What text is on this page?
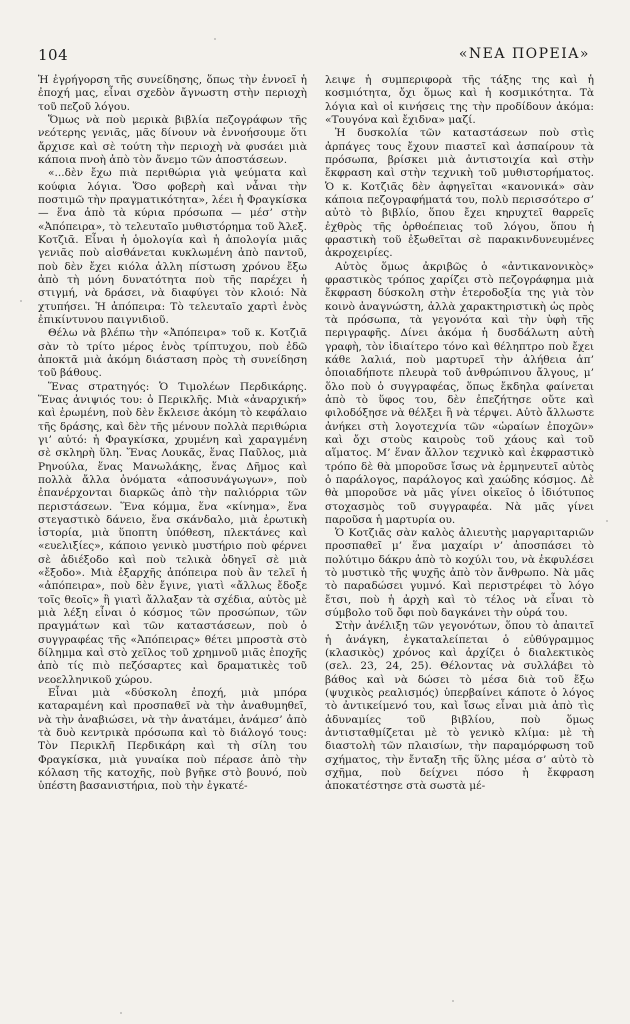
104	«ΝΕΑ ΠΟΡΕΙΑ»

Ἡ ἐγρήγορση τῆς συνείδησης, ὅπως τὴν ἐννοεῖ ἡ ἐποχή μας, εἶναι σχεδὸν ἄγνωστη στὴν περιοχὴ τοῦ πεζοῦ λόγου.

Ὅμως νὰ ποὺ μερικὰ βιβλία πεζογράφων τῆς νεότερης γενιᾶς, μᾶς δίνουν νὰ ἐννοήσουμε ὅτι ἄρχισε καὶ σὲ τούτη τὴν περιοχὴ νὰ φυσάει μιὰ κάποια πνοὴ ἀπὸ τὸν ἄνεμο τῶν ἀποστάσεων.

«...δὲν ἔχω πιὰ περιθώρια γιὰ ψεύματα καὶ κούφια λόγια. Ὅσο φοβερὴ καὶ νἆναι τὴν ποστιμῶ τὴν πραγματικότητα», λέει ἡ Φραγκίσκα — ἕνα ἀπὸ τὰ κύρια πρόσωπα — μέσ’ στὴν «Ἀπόπειρα», τὸ τελευταῖο μυθιστόρημα τοῦ Ἀλεξ. Κοτζιᾶ. Εἶναι ἡ ὁμολογία καὶ ἡ ἀπολογία μιᾶς γενιᾶς ποὺ αἰσθάνεται κυκλωμένη ἀπὸ παντοῦ, ποὺ δὲν ἔχει κιόλα ἀλλη πίστωση χρόνου ἔξω ἀπὸ τὴ μόνη δυνατότητα ποὺ τῆς παρέχει ἡ στιγμή, νὰ δράσει, νὰ διαφύγει τὸν κλοιό: Νὰ χτυπήσει. Ἡ ἀπόπειρα: Τὸ τελευταῖο χαρτὶ ἑνὸς ἐπικίντυνου παιγνιδιοῦ.

Θέλω νὰ βλέπω τὴν «Ἀπόπειρα» τοῦ κ. Κοτζιᾶ σὰν τὸ τρίτο μέρος ἑνὸς τρίπτυχου, ποὺ ἐδῶ ἀποκτᾶ μιὰ ἀκόμη διάσταση πρὸς τὴ συνείδηση τοῦ βάθους.

Ἕνας στρατηγός: Ὁ Τιμολέων Περδικάρης. Ἕνας ἀνιψιός του: ὁ Περικλῆς. Μιὰ «ἀναρχική» καὶ ἐρωμένη, ποὺ δὲν ἔκλεισε ἀκόμη τὸ κεφάλαιο τῆς δράσης, καὶ δὲν τῆς μένουν πολλὰ περιθώρια γι’ αὐτό: ἡ Φραγκίσκα, χρυμένη καὶ χαραγμένη σὲ σκληρὴ ὕλη. Ἕνας Λουκᾶς, ἕνας Παῦλος, μιὰ Ρηνούλα, ἕνας Μανωλάκης, ἕνας Δῆμος καὶ πολλὰ ἄλλα ὀνόματα «ἀποσυνάγωγων», ποὺ ἐπανέρχονται διαρκῶς ἀπὸ τὴν παλιόρρια τῶν περιστάσεων. Ἕνα κόμμα, ἕνα «κίνημα», ἕνα στεγαστικὸ δάνειο, ἕνα σκάνδαλο, μιὰ ἐρωτικὴ ἱστορία, μιὰ ὕποπτη ὑπόθεση, πλεκτάνες καὶ «ευελιξίες», κάποιο γενικὸ μυστήριο ποὺ φέρνει σὲ ἀδιέξοδο καὶ ποὺ τελικὰ ὁδηγεῖ σὲ μιὰ «ἔξοδο». Μιὰ ἐξαρχῆς ἀπόπειρα ποὺ ἂν τελεῖ ἡ «ἀπόπειρα», ποὺ δὲν ἔγινε, γιατὶ «ἄλλως ἔδοξε τοῖς θεοῖς» ἢ γιατὶ ἄλλαξαν τὰ σχέδια, αὐτὸς μὲ μιὰ λέξη εἶναι ὁ κόσμος τῶν προσώπων, τῶν πραγμάτων καὶ τῶν καταστάσεων, ποὺ ὁ συγγραφέας τῆς «Ἀπόπειρας» θέτει μπροστὰ στὸ δίλημμα καὶ στὸ χεῖλος τοῦ χρημνοῦ μιᾶς ἐποχῆς ἀπὸ τίς πιὸ πεζόσαρτες καὶ δραματικὲς τοῦ νεοελληνικοῦ χώρου.

Εἶναι μιὰ «δύσκολη ἐποχή, μιὰ μπόρα καταραμένη καὶ προσπαθεῖ νὰ τὴν ἀναθυμηθεῖ, νὰ τὴν ἀναβιώσει, νὰ τὴν ἀνατάμει, ἀνάμεσ’ ἀπὸ τὰ δυὸ κεντρικὰ πρόσωπα καὶ τὸ διάλογό τους: Τὸν Περικλῆ Περδικάρη καὶ τὴ σίλη του Φραγκίσκα, μιὰ γυναίκα ποὺ πέρασε ἀπὸ τὴν κόλαση τῆς κατοχῆς, ποὺ βγῆκε στὸ βουνό, ποὺ ὑπέστη βασανιστήρια, ποὺ τὴν ἐγκατέ-

λειψε ἡ συμπεριφορὰ τῆς τάξης της καὶ ἡ κοσμιότητα, ὄχι ὅμως καὶ ἡ κοσμικότητα. Τὰ λόγια καὶ οἱ κινήσεις της τὴν προδίδουν ἀκόμα: «Τουγόνα καὶ ἔχιδνα» μαζί.

Ἡ δυσκολία τῶν καταστάσεων ποὺ στὶς ἀρπάγες τους ἔχουν πιαστεῖ καὶ ἀσπαίρουν τὰ πρόσωπα, βρίσκει μιὰ ἀντιστοιχία καὶ στὴν ἔκφραση καὶ στὴν τεχνικὴ τοῦ μυθιστορήματος. Ὁ κ. Κοτζιᾶς δὲν ἀφηγεῖται «κανονικά» σὰν κάποια πεζογραφήματά του, πολὺ περισσότερο σ’ αὐτὸ τὸ βιβλίο, ὅπου ἔχει κηρυχτεῖ θαρρεῖς ἐχθρὸς τῆς ὀρθοέπειας τοῦ λόγου, ὅπου ἡ φραστικὴ τοῦ ἐξωθεῖται σὲ παρακινδυνευμένες ἀκροχειρίες.

Αὐτὸς ὅμως ἀκριβῶς ὁ «ἀντικανονικὸς» φραστικὸς τρόπος χαρίζει στὸ πεζογράφημα μιὰ ἔκφραση δύσκολη στὴν ἑτεροδοξία της γιὰ τὸν κοινὸ ἀναγνώστη, ἀλλὰ χαρακτηριστικὴ ὡς πρὸς τὰ πρόσωπα, τὰ γεγονότα καὶ τὴν ὑφὴ τῆς περιγραφῆς. Δίνει ἀκόμα ἡ δυσδάλωτη αὐτὴ γραφὴ, τὸν ἰδιαίτερο τόνο καὶ θέληπτρο ποὺ ἔχει κάθε λαλιά, ποὺ μαρτυρεῖ τὴν ἀλήθεια ἀπ’ ὁποιαδήποτε πλευρὰ τοῦ ἀνθρώπινου ἄλγους, μ’ ὅλο ποὺ ὁ συγγραφέας, ὅπως ἔκδηλα φαίνεται ἀπὸ τὸ ὕφος του, δὲν ἐπεζήτησε οὔτε καὶ φιλοδόξησε νὰ θέλξει ἢ νὰ τέρψει. Αὐτὸ ἄλλωστε ἀνήκει στὴ λογοτεχνία τῶν «ὡραίων ἐποχῶν» καὶ ὄχι στοὺς καιροὺς τοῦ χάους καὶ τοῦ αἵματος. Μ’ ἕναν ἄλλον τεχνικὸ καὶ ἐκφραστικὸ τρόπο δὲ θὰ μποροῦσε ἴσως νὰ ἑρμηνευτεῖ αὐτὸς ὁ παράλογος, παράλογος καὶ χαώδης κόσμος. Δὲ θὰ μποροῦσε νὰ μᾶς γίνει οἰκεῖος ὁ ἰδιότυπος στοχασμὸς τοῦ συγγραφέα. Νὰ μᾶς γίνει παροῦσα ἡ μαρτυρία ου.

Ὁ Κοτζιᾶς σὰν καλὸς ἀλιευτὴς μαργαριταριῶν προσπαθεῖ μ’ ἕνα μαχαίρι ν’ ἀποσπάσει τὸ πολύτιμο δάκρυ ἀπὸ τὸ κοχύλι του, νὰ ἐκφυλέσει τὸ μυστικὸ τῆς ψυχῆς ἀπὸ τὸν ἄνθρωπο. Νὰ μᾶς τὸ παραδώσει γυμνό. Καὶ περιστρέφει τὸ λόγο ἔτσι, ποὺ ἡ ἀρχὴ καὶ τὸ τέλος νὰ εἶναι τὸ σύμβολο τοῦ ὄφι ποὺ δαγκάνει τὴν οὐρά του.

Στὴν ἀνέλιξη τῶν γεγονότων, ὅπου τὸ ἀπαιτεῖ ἡ ἀνάγκη, ἐγκαταλείπεται ὁ εὐθύγραμμος (κλασικὸς) χρόνος καὶ ἀρχίζει ὁ διαλεκτικὸς (σελ. 23, 24, 25). Θέλοντας νὰ συλλάβει τὸ βάθος καὶ νὰ δώσει τὸ μέσα διὰ τοῦ ἔξω (ψυχικὸς ρεαλισμός) ὑπερβαίνει κάποτε ὁ λόγος τὸ ἀντικείμενό του, καὶ ἴσως εἶναι μιὰ ἀπὸ τὶς ἀδυναμίες τοῦ βιβλίου, ποὺ ὅμως ἀντισταθμίζεται μὲ τὸ γενικὸ κλίμα: μὲ τὴ διαστολὴ τῶν πλαισίων, τὴν παραμόρφωση τοῦ σχήματος, τὴν ἔνταξη τῆς ὕλης μέσα σ’ αὐτὸ τὸ σχῆμα, ποὺ δείχνει πόσο ἡ ἔκφραση ἀποκατέστησε στὰ σωστὰ μέ-
